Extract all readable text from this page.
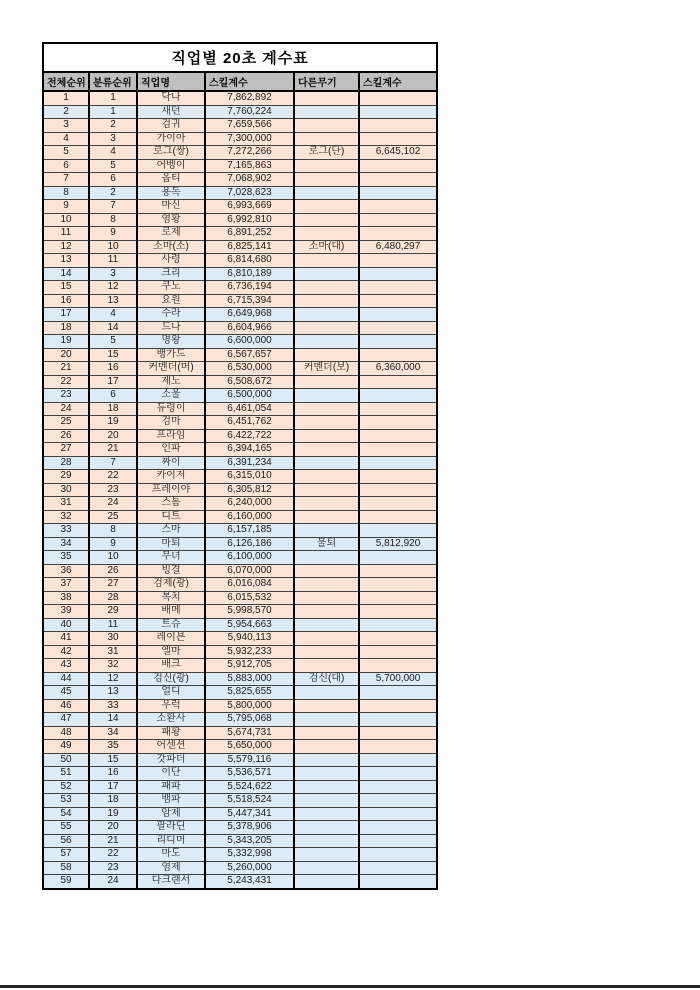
직업별 20초 계수표					
전체순위	분류순위	직업명	스킬계수	다른무기	스킬계수
1	1	닥나	7,862,892		
2	1	새던	7,760,224		
3	2	검귀	7,659,566		
4	3	가이아	7,300,000		
5	4	로그(쌍)	7,272,266	로그(단)	6,645,102
6	5	어벵이	7,165,863		
7	6	옵티	7,068,902		
8	2	용독	7,028,623		
9	7	마신	6,993,669		
10	8	염황	6,992,810		
11	9	로제	6,891,252		
12	10	소마(소)	6,825,141	소마(대)	6,480,297
13	11	사령	6,814,680		
14	3	크리	6,810,189		
15	12	쿠노	6,736,194		
16	13	요원	6,715,394		
17	4	수라	6,649,968		
18	14	드나	6,604,966		
19	5	명왕	6,600,000		
20	15	뱅가드	6,567,657		
21	16	커멘더(머)	6,530,000	커멘더(보)	6,360,000
22	17	제노	6,508,672		
23	6	소울	6,500,000		
24	18	듀령이	6,461,054		
25	19	검마	6,451,762		
26	20	프라임	6,422,722		
27	21	인파	6,394,165		
28	7	짜이	6,391,234		
29	22	카이저	6,315,010		
30	23	프레이야	6,305,812		
31	24	스톰	6,240,000		
32	25	디트	6,160,000		
33	8	스마	6,157,185		
34	9	마퇴	6,126,186	물퇴	5,812,920
35	10	무녀	6,100,000		
36	26	빙결	6,070,000		
37	27	검제(광)	6,016,084		
38	28	복치	6,015,532		
39	29	배메	5,998,570		
40	11	트슈	5,954,663		
41	30	레이븐	5,940,113		
42	31	엘마	5,932,233		
43	32	배크	5,912,705		
44	12	검신(광)	5,883,000	검신(대)	5,700,000
45	13	얼디	5,825,655		
46	33	우럭	5,800,000		
47	14	소환사	5,795,068		
48	34	패황	5,674,731		
49	35	어센션	5,650,000		
50	15	갓파더	5,579,116		
51	16	이단	5,536,571		
52	17	패파	5,524,622		
53	18	뱀파	5,518,524		
54	19	암제	5,447,341		
55	20	팔라딘	5,378,906		
56	21	리디머	5,343,205		
57	22	마도	5,332,998		
58	23	염제	5,260,000		
59	24	다크랜서	5,243,431		
